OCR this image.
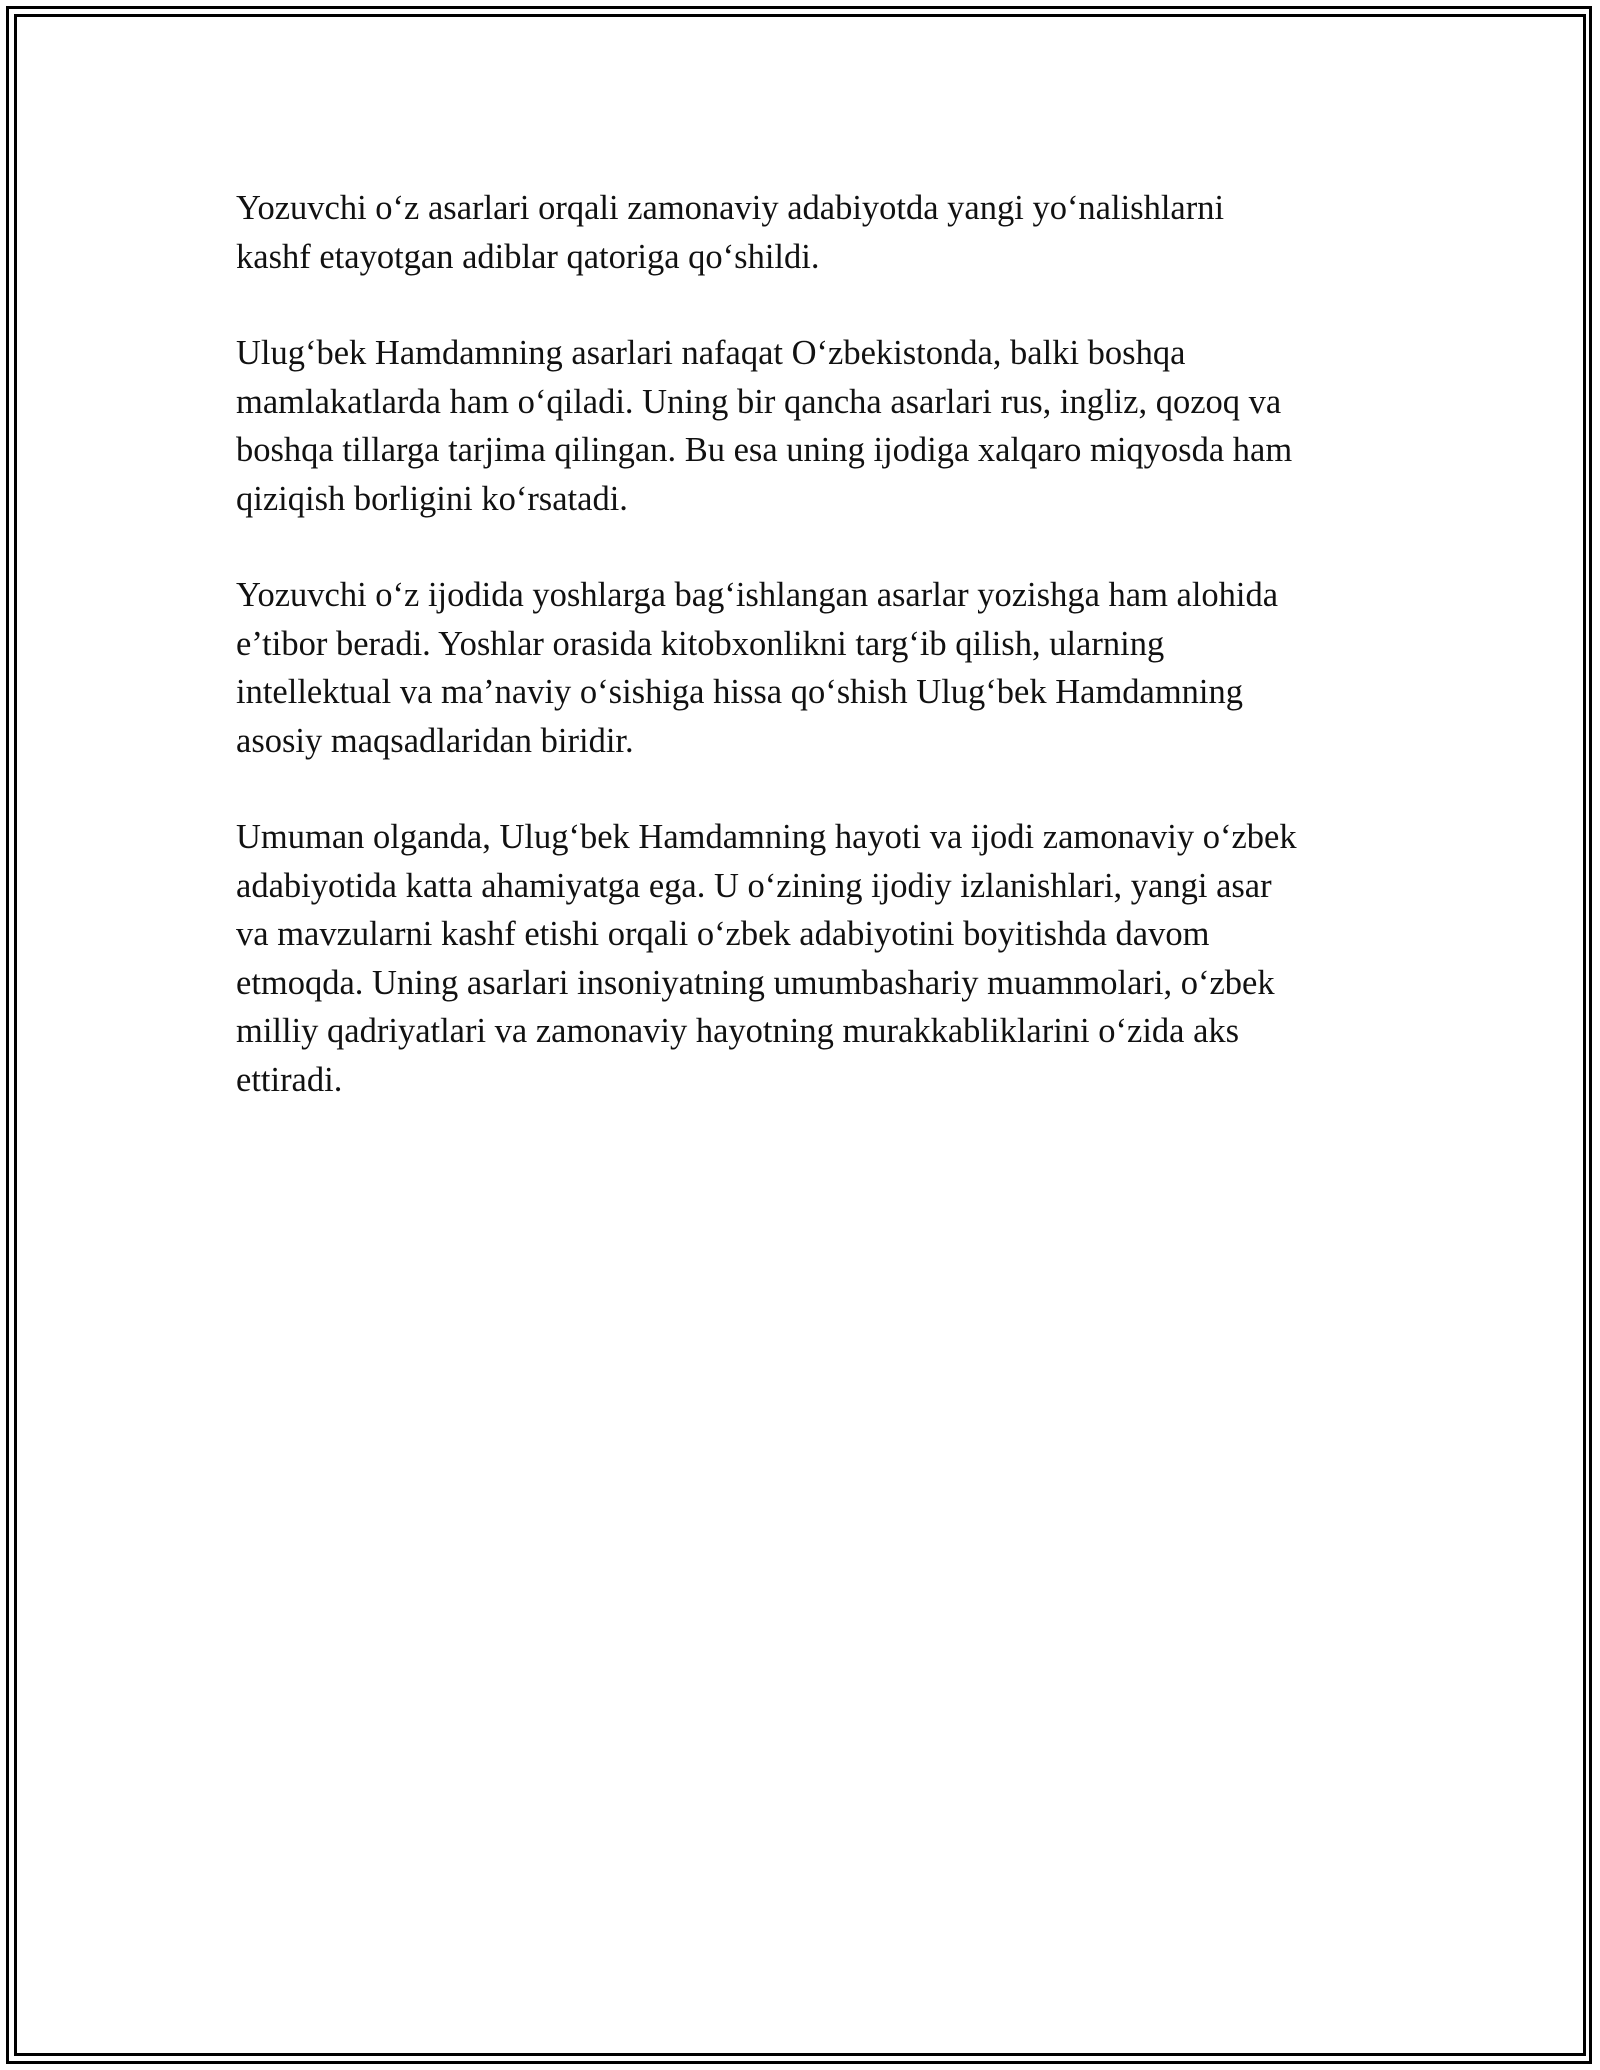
Yozuvchi o‘z asarlari orqali zamonaviy adabiyotda yangi yo‘nalishlarni
kashf etayotgan adiblar qatoriga qo‘shildi.

Ulug‘bek Hamdamning asarlari nafaqat O‘zbekistonda, balki boshqa
mamlakatlarda ham o‘qiladi. Uning bir qancha asarlari rus, ingliz, qozoq va
boshqa tillarga tarjima qilingan. Bu esa uning ijodiga xalqaro miqyosda ham
qiziqish borligini ko‘rsatadi.

Yozuvchi o‘z ijodida yoshlarga bag‘ishlangan asarlar yozishga ham alohida
e’tibor beradi. Yoshlar orasida kitobxonlikni targ‘ib qilish, ularning
intellektual va ma’naviy o‘sishiga hissa qo‘shish Ulug‘bek Hamdamning
asosiy maqsadlaridan biridir.

Umuman olganda, Ulug‘bek Hamdamning hayoti va ijodi zamonaviy o‘zbek
adabiyotida katta ahamiyatga ega. U o‘zining ijodiy izlanishlari, yangi asar
va mavzularni kashf etishi orqali o‘zbek adabiyotini boyitishda davom
etmoqda. Uning asarlari insoniyatning umumbashariy muammolari, o‘zbek
milliy qadriyatlari va zamonaviy hayotning murakkabliklarini o‘zida aks
ettiradi.
